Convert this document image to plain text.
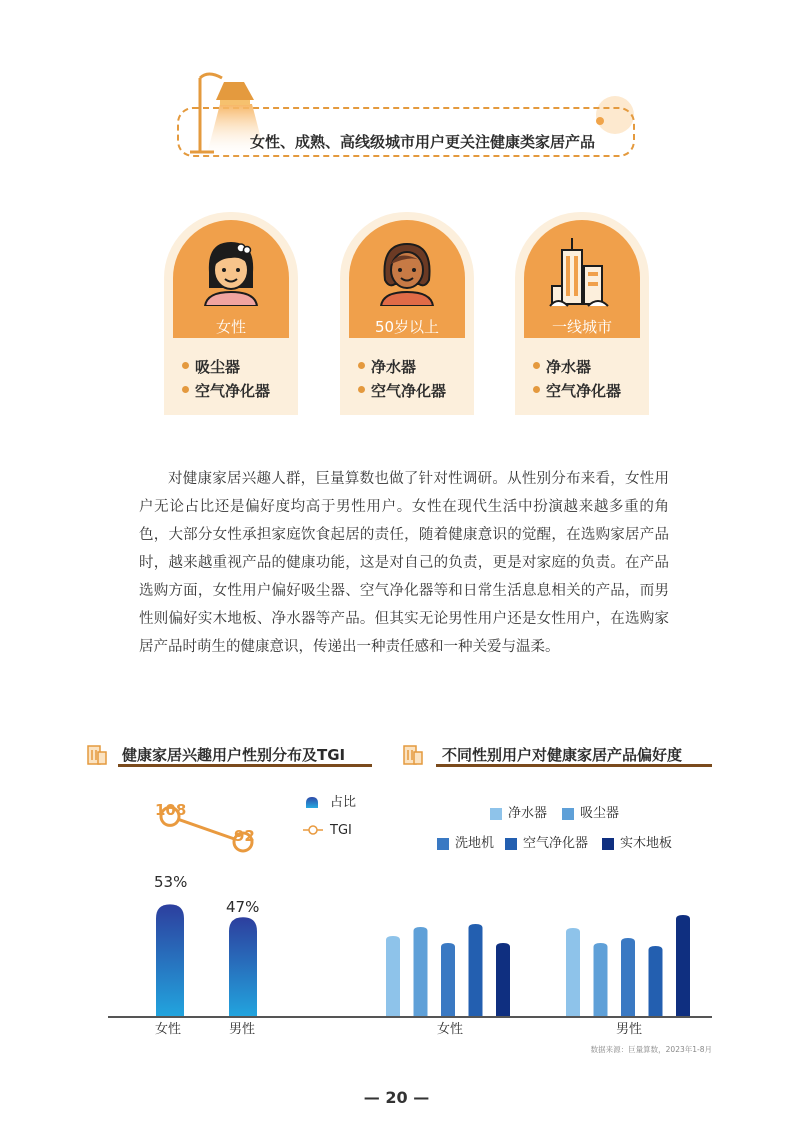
女性、成熟、高线级城市用户更关注健康类家居产品
女性
吸尘器
空气净化器
50岁以上
净水器
空气净化器
一线城市
净水器
空气净化器

对健康家居兴趣人群，巨量算数也做了针对性调研。从性别分布来看，女性用户无论占比还是偏好度均高于男性用户。女性在现代生活中扮演越来越多重的角色，大部分女性承担家庭饮食起居的责任，随着健康意识的觉醒，在选购家居产品时，越来越重视产品的健康功能，这是对自己的负责，更是对家庭的负责。在产品选购方面，女性用户偏好吸尘器、空气净化器等和日常生活息息相关的产品，而男性则偏好实木地板、净水器等产品。但其实无论男性用户还是女性用户，在选购家居产品时萌生的健康意识，传递出一种责任感和一种关爱与温柔。

健康家居兴趣用户性别分布及TGI	不同性别用户对健康家居产品偏好度
占比
TGI
53%
47%
108
92
女性	男性
净水器	吸尘器
洗地机 空气净化器 实木地板
女性	男性
数据来源：巨量算数，2023年1-8月
— 20 —
